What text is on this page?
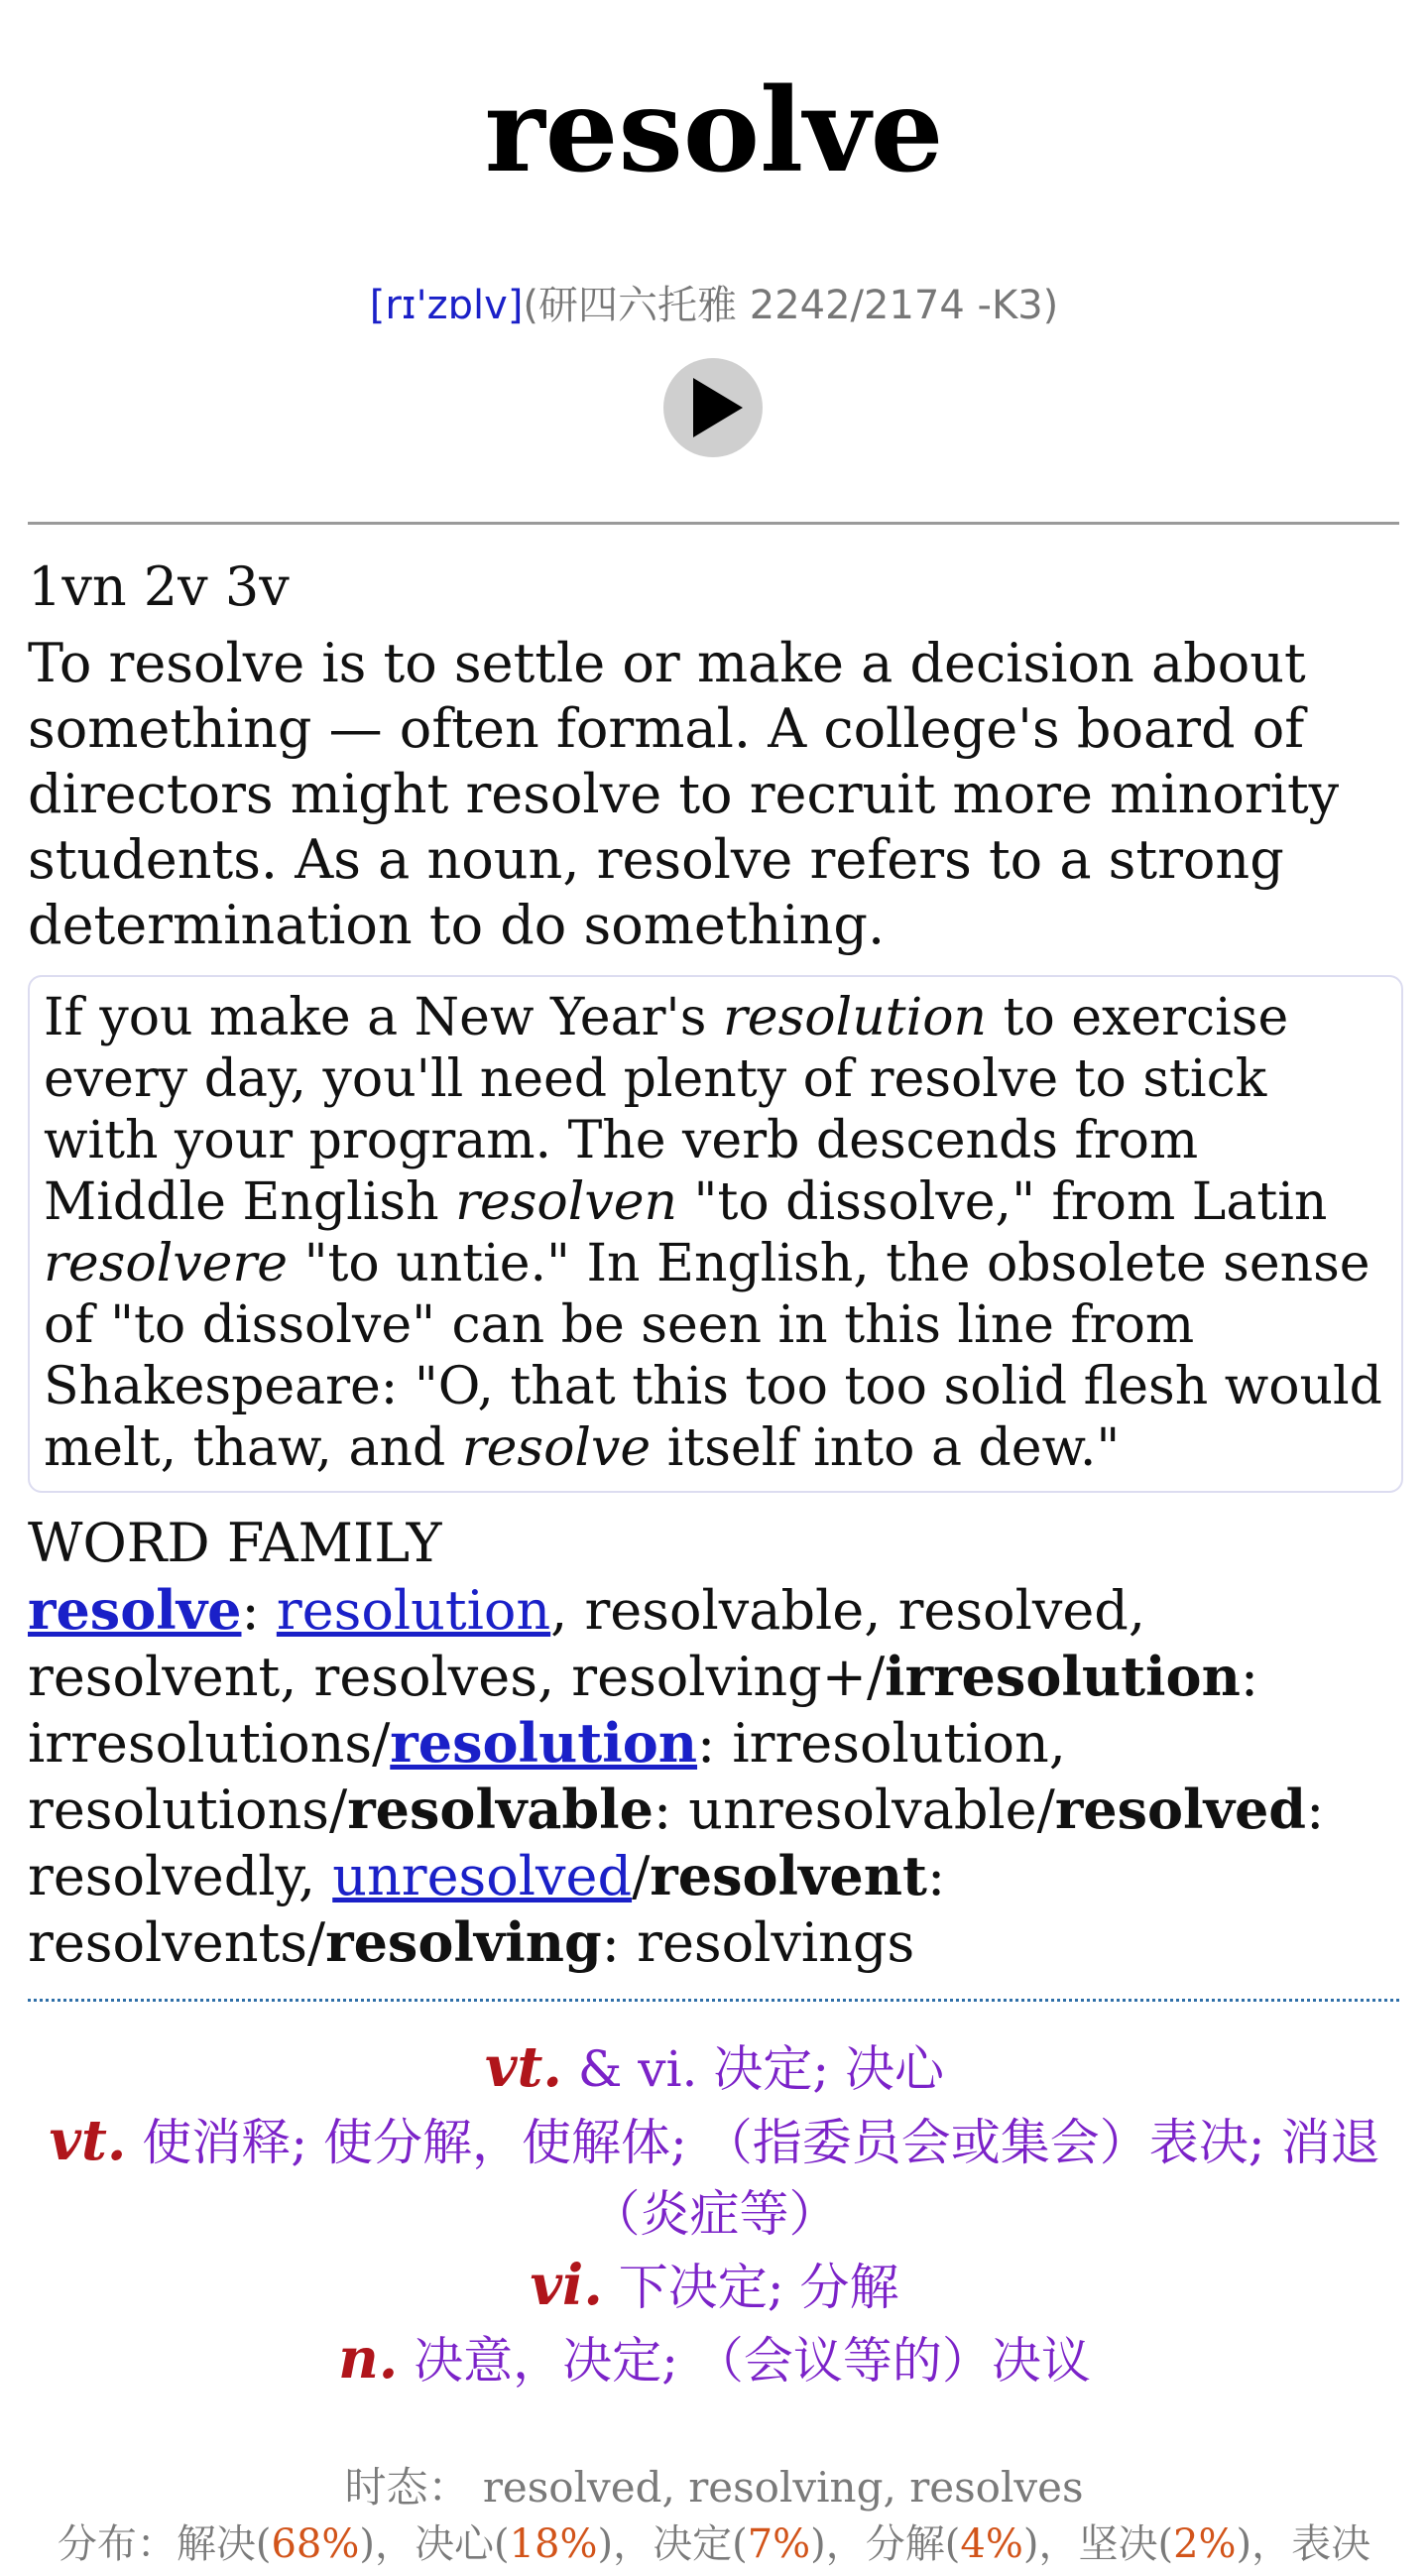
resolve
[rɪ'zɒlv](研四六托雅 2242/2174 -K3)
1vn 2v 3v
To resolve is to settle or make a decision about something — often formal. A college's board of directors might resolve to recruit more minority students. As a noun, resolve refers to a strong determination to do something.
If you make a New Year's resolution to exercise every day, you'll need plenty of resolve to stick with your program. The verb descends from Middle English resolven "to dissolve," from Latin resolvere "to untie." In English, the obsolete sense of "to dissolve" can be seen in this line from Shakespeare: "O, that this too too solid flesh would melt, thaw, and resolve itself into a dew."
WORD FAMILY
resolve: resolution, resolvable, resolved, resolvent, resolves, resolving+/irresolution: irresolutions/resolution: irresolution, resolutions/resolvable: unresolvable/resolved: resolvedly, unresolved/resolvent: resolvents/resolving: resolvings
vt. & vi. 决定; 决心
vt. 使消释; 使分解，使解体; （指委员会或集会）表决; 消退（炎症等）
vi. 下决定; 分解
n. 决意，决定; （会议等的）决议
时态： resolved, resolving, resolves
分布：解决(68%)，决心(18%)，决定(7%)，分解(4%)，坚决(2%)，表决
